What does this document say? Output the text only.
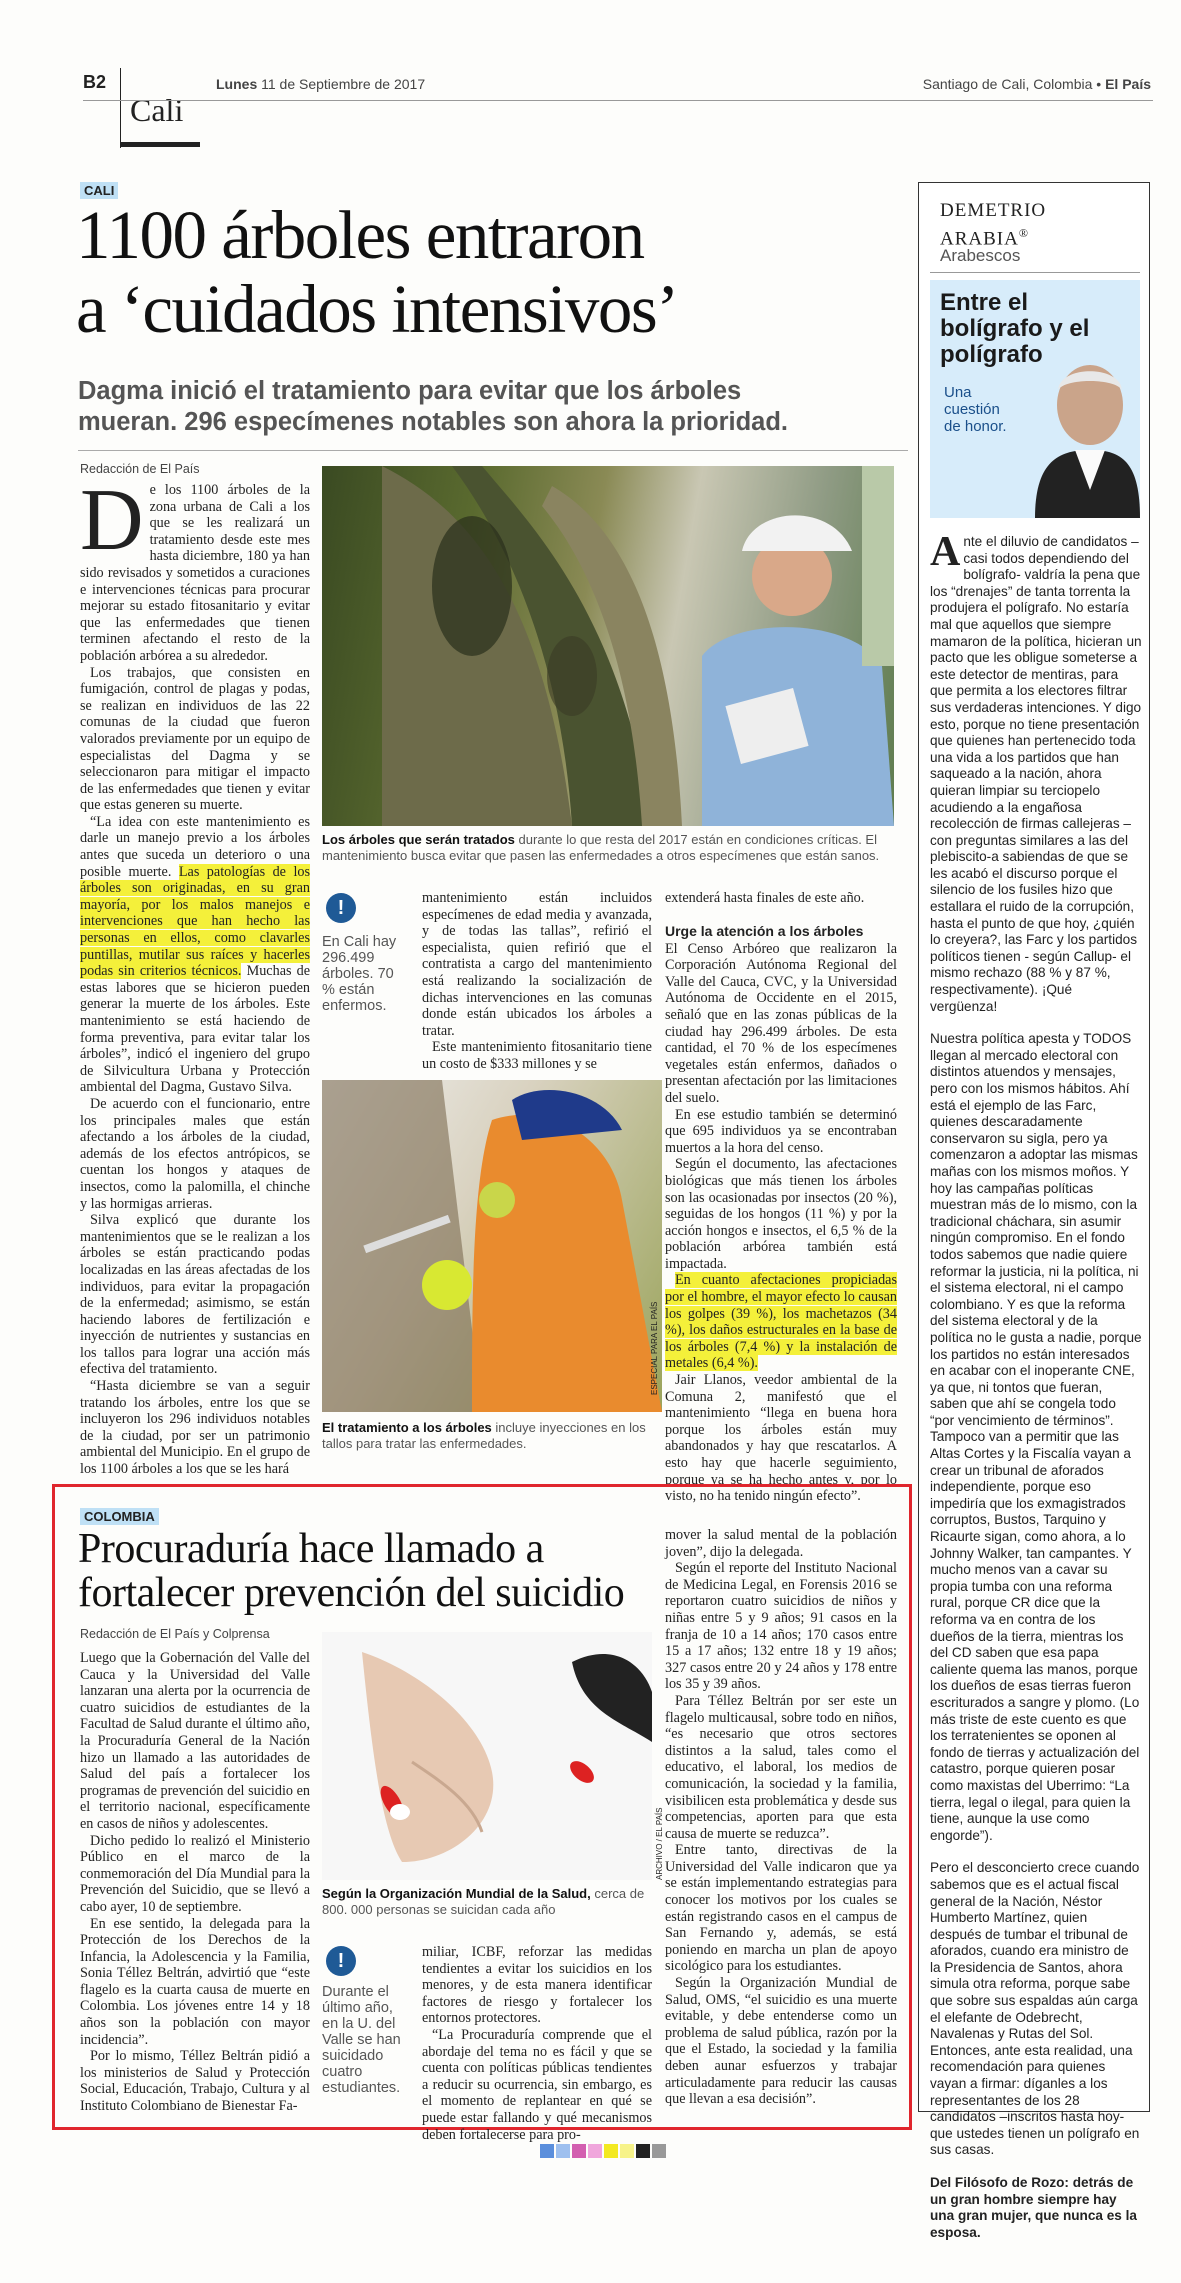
B2
Cali
Lunes 11 de Septiembre de 2017	Santiago de Cali, Colombia • El País
CALI
1100 árboles entraron
a ‘cuidados intensivos’
Dagma inició el tratamiento para evitar que los árboles
mueran. 296 especímenes notables son ahora la prioridad.
Redacción de El País
D e los 1100 árboles de la zona urbana de Cali a los que se les realizará un tratamiento desde este mes hasta diciembre, 180 ya han sido revisados y sometidos a curaciones e intervenciones técnicas para procurar mejorar su estado fitosanitario y evitar que las enfermedades que tienen terminen afectando el resto de la población arbórea a su alrededor.

Los trabajos, que consisten en fumigación, control de plagas y podas, se realizan en individuos de las 22 comunas de la ciudad que fueron valorados previamente por un equipo de especialistas del Dagma y se seleccionaron para mitigar el impacto de las enfermedades que tienen y evitar que estas generen su muerte.

“La idea con este mantenimiento es darle un manejo previo a los árboles antes que suceda un deterioro o una posible muerte. Las patologías de los árboles son originadas, en su gran mayoría, por los malos manejos e intervenciones que han hecho las personas en ellos, como clavarles puntillas, mutilar sus raíces y hacerles podas sin criterios técnicos. Muchas de estas labores que se hicieron pueden generar la muerte de los árboles. Este mantenimiento se está haciendo de forma preventiva, para evitar talar los árboles”, indicó el ingeniero del grupo de Silvicultura Urbana y Protección ambiental del Dagma, Gustavo Silva.

De acuerdo con el funcionario, entre los principales males que están afectando a los árboles de la ciudad, además de los efectos antrópicos, se cuentan los hongos y ataques de insectos, como la palomilla, el chinche y las hormigas arrieras.

Silva explicó que durante los mantenimientos que se le realizan a los árboles se están practicando podas localizadas en las áreas afectadas de los individuos, para evitar la propagación de la enfermedad; asimismo, se están haciendo labores de fertilización e inyección de nutrientes y sustancias en los tallos para lograr una acción más efectiva del tratamiento.

“Hasta diciembre se van a seguir tratando los árboles, entre los que se incluyeron los 296 individuos notables de la ciudad, por ser un patrimonio ambiental del Municipio. En el grupo de los 1100 árboles a los que se les hará

Los árboles que serán tratados durante lo que resta del 2017 están en condiciones críticas. El mantenimiento busca evitar que pasen las enfermedades a otros especímenes que están sanos.
!
En Cali hay 296.499 árboles. 70 % están enfermos.

mantenimiento están incluidos especímenes de edad media y avanzada, y de todas las tallas”, refirió el especialista, quien refirió que el contratista a cargo del mantenimiento está realizando la socialización de dichas intervenciones en las comunas donde están ubicados los árboles a tratar.

Este mantenimiento fitosanitario tiene un costo de $333 millones y se

ESPECIAL PARA EL PAÍS
El tratamiento a los árboles incluye inyecciones en los tallos para tratar las enfermedades.

extenderá hasta finales de este año.

Urge la atención a los árboles

El Censo Arbóreo que realizaron la Corporación Autónoma Regional del Valle del Cauca, CVC, y la Universidad Autónoma de Occidente en el 2015, señaló que en las zonas públicas de la ciudad hay 296.499 árboles. De esta cantidad, el 70 % de los especímenes vegetales están enfermos, dañados o presentan afectación por las limitaciones del suelo.

En ese estudio también se determinó que 695 individuos ya se encontraban muertos a la hora del censo.

Según el documento, las afectaciones biológicas que más tienen los árboles son las ocasionadas por insectos (20 %), seguidas de los hongos (11 %) y por la acción hongos e insectos, el 6,5 % de la población arbórea también está impactada.

En cuanto afectaciones propiciadas por el hombre, el mayor efecto lo causan los golpes (39 %), los machetazos (34 %), los daños estructurales en la base de los árboles (7,4 %) y la instalación de metales (6,4 %).

Jair Llanos, veedor ambiental de la Comuna 2, manifestó que el mantenimiento “llega en buena hora porque los árboles están muy abandonados y hay que rescatarlos. A esto hay que hacerle seguimiento, porque ya se ha hecho antes y, por lo visto, no ha tenido ningún efecto”.

DEMETRIO
ARABIA®
Arabescos
Entre el bolígrafo y el polígrafo
Una cuestión de honor.

Ante el diluvio de candidatos –casi todos dependiendo del bolígrafo- valdría la pena que los “drenajes” de tanta torrenta la produjera el polígrafo. No estaría mal que aquellos que siempre mamaron de la política, hicieran un pacto que les obligue someterse a este detector de mentiras, para que permita a los electores filtrar sus verdaderas intenciones. Y digo esto, porque no tiene presentación que quienes han pertenecido toda una vida a los partidos que han saqueado a la nación, ahora quieran limpiar su terciopelo acudiendo a la engañosa recolección de firmas callejeras –con preguntas similares a las del plebiscito-a sabiendas de que se les acabó el discurso porque el silencio de los fusiles hizo que estallara el ruido de la corrupción, hasta el punto de que hoy, ¿quién lo creyera?, las Farc y los partidos políticos tienen - según Callup- el mismo rechazo (88 % y 87 %, respectivamente). ¡Qué vergüenza!

Nuestra política apesta y TODOS llegan al mercado electoral con distintos atuendos y mensajes, pero con los mismos hábitos. Ahí está el ejemplo de las Farc, quienes descaradamente conservaron su sigla, pero ya comenzaron a adoptar las mismas mañas con los mismos moños. Y hoy las campañas políticas muestran más de lo mismo, con la tradicional cháchara, sin asumir ningún compromiso. En el fondo todos sabemos que nadie quiere reformar la justicia, ni la política, ni el sistema electoral, ni el campo colombiano. Y es que la reforma del sistema electoral y de la política no le gusta a nadie, porque los partidos no están interesados en acabar con el inoperante CNE, ya que, ni tontos que fueran, saben que ahí se congela todo “por vencimiento de términos”. Tampoco van a permitir que las Altas Cortes y la Fiscalía vayan a crear un tribunal de aforados independiente, porque eso impediría que los exmagistrados corruptos, Bustos, Tarquino y Ricaurte sigan, como ahora, a lo Johnny Walker, tan campantes. Y mucho menos van a cavar su propia tumba con una reforma rural, porque CR dice que la reforma va en contra de los dueños de la tierra, mientras los del CD saben que esa papa caliente quema las manos, porque los dueños de esas tierras fueron escriturados a sangre y plomo. (Lo más triste de este cuento es que los terratenientes se oponen al fondo de tierras y actualización del catastro, porque quieren posar como maxistas del Uberrimo: “La tierra, legal o ilegal, para quien la tiene, aunque la use como engorde”).

Pero el desconcierto crece cuando sabemos que es el actual fiscal general de la Nación, Néstor Humberto Martínez, quien después de tumbar el tribunal de aforados, cuando era ministro de la Presidencia de Santos, ahora simula otra reforma, porque sabe que sobre sus espaldas aún carga el elefante de Odebrecht, Navalenas y Rutas del Sol. Entonces, ante esta realidad, una recomendación para quienes vayan a firmar: díganles a los representantes de los 28 candidatos –inscritos hasta hoy- que ustedes tienen un polígrafo en sus casas.

Del Filósofo de Rozo: detrás de un gran hombre siempre hay una gran mujer, que nunca es la esposa.

COLOMBIA
Procuraduría hace llamado a
fortalecer prevención del suicidio
Redacción de El País y Colprensa

Luego que la Gobernación del Valle del Cauca y la Universidad del Valle lanzaran una alerta por la ocurrencia de cuatro suicidios de estudiantes de la Facultad de Salud durante el último año, la Procuraduría General de la Nación hizo un llamado a las autoridades de Salud del país a fortalecer los programas de prevención del suicidio en el territorio nacional, específicamente en casos de niños y adolescentes.

Dicho pedido lo realizó el Ministerio Público en el marco de la conmemoración del Día Mundial para la Prevención del Suicidio, que se llevó a cabo ayer, 10 de septiembre.

En ese sentido, la delegada para la Protección de los Derechos de la Infancia, la Adolescencia y la Familia, Sonia Téllez Beltrán, advirtió que “este flagelo es la cuarta causa de muerte en Colombia. Los jóvenes entre 14 y 18 años son la población con mayor incidencia”.

Por lo mismo, Téllez Beltrán pidió a los ministerios de Salud y Protección Social, Educación, Trabajo, Cultura y al Instituto Colombiano de Bienestar Fa-

ARCHIVO / EL PAÍS
Según la Organización Mundial de la Salud, cerca de 800. 000 personas se suicidan cada año
!
Durante el último año, en la U. del Valle se han suicidado cuatro estudiantes.

miliar, ICBF, reforzar las medidas tendientes a evitar los suicidios en los menores, y de esta manera identificar factores de riesgo y fortalecer los entornos protectores.

“La Procuraduría comprende que el abordaje del tema no es fácil y que se cuenta con políticas públicas tendientes a reducir su ocurrencia, sin embargo, es el momento de replantear en qué se puede estar fallando y qué mecanismos deben fortalecerse para pro-

mover la salud mental de la población joven”, dijo la delegada.

Según el reporte del Instituto Nacional de Medicina Legal, en Forensis 2016 se reportaron cuatro suicidios de niños y niñas entre 5 y 9 años; 91 casos en la franja de 10 a 14 años; 170 casos entre 15 a 17 años; 132 entre 18 y 19 años; 327 casos entre 20 y 24 años y 178 entre los 35 y 39 años.

Para Téllez Beltrán por ser este un flagelo multicausal, sobre todo en niños, “es necesario que otros sectores distintos a la salud, tales como el educativo, el laboral, los medios de comunicación, la sociedad y la familia, visibilicen esta problemática y desde sus competencias, aporten para que esta causa de muerte se reduzca”.

Entre tanto, directivas de la Universidad del Valle indicaron que ya se están implementando estrategias para conocer los motivos por los cuales se están registrando casos en el campus de San Fernando y, además, se está poniendo en marcha un plan de apoyo sicológico para los estudiantes.

Según la Organización Mundial de Salud, OMS, “el suicidio es una muerte evitable, y debe entenderse como un problema de salud pública, razón por la que el Estado, la sociedad y la familia deben aunar esfuerzos y trabajar articuladamente para reducir las causas que llevan a esa decisión”.
